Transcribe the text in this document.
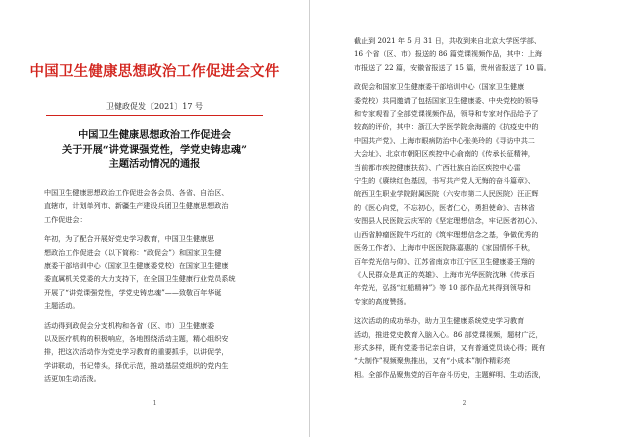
中国卫生健康思想政治工作促进会文件
卫健政促发〔2021〕17 号
中国卫生健康思想政治工作促进会
关于开展“讲党课强党性，学党史铸忠魂”
主题活动情况的通报
中国卫生健康思想政治工作促进会各会员、各省、自治区、
直辖市，计划单列市、新疆生产建设兵团卫生健康思想政治
工作促进会：
年初，为了配合开展好党史学习教育，中国卫生健康思
想政治工作促进会（以下简称：“政促会”）和国家卫生健
康委干部培训中心（国家卫生健康委党校）在国家卫生健康
委直属机关党委的大力支持下，在全国卫生健康行业党员系统
开展了“讲党课强党性，学党史铸忠魂”——致敬百年华诞
主题活动。
活动得到政促会分支机构和各省（区、市）卫生健康委
以及医疗机构的积极响应，各地围绕活动主题，精心组织安
排，把这次活动作为党史学习教育的重要抓手，以讲促学，
学讲联动，书记带头，择优示范，推动基层党组织的党内生
活更加生动活泼。
1
截止到 2021 年 5 月 31 日，共收到来自北京大学医学部、
16 个省（区、市）报送的 86 篇党课视频作品，其中：上海
市报送了 22 篇，安徽省报送了 15 篇，贵州省报送了 10 篇。
政促会和国家卫生健康委干部培训中心（国家卫生健康
委党校）共同邀请了包括国家卫生健康委、中央党校的领导
和专家观看了全部党课视频作品，领导和专家对作品给予了
较高的评价，其中：浙江大学医学院余海震的《抗疫史中的
中国共产党》、上海市眼病防治中心张美玲的《寻访中共二
大会址》、北京市朝阳区疾控中心俞南的《传承长征精神，
当前都市疾控健康扶贫》、广西壮族自治区疾控中心雷
宁生的《赓续红色基因，书写共产党人无悔的奋斗篇章》、
皖西卫生职业学院附属医院（六安市第二人民医院）汪正辉
的《医心向党，不忘初心，医者仁心，勇担使命》、吉林省
安图县人民医院云庆军的《坚定理想信念，牢记医者初心》、
山西省肿瘤医院牛巧红的《筑牢理想信念之基，争做优秀的
医务工作者》、上海市中医医院陈嘉惠的《家国情怀千秋，
百年党光信与仰》、江苏省南京市江宁区卫生健康委王翔的
《人民群众是真正的英雄》、上海市光华医院沈琳《传承百
年党光，弘扬“红船精神”》等 10 部作品尤其得到领导和
专家的高度赞扬。
这次活动的成功举办，助力卫生健康系统党史学习教育
活动，推进党史教育入脑入心。86 部党课视频，题材广泛，
形式多样，既有党委书记亲自讲，又有普通党员谈心得；既有
“大制作”视频聚焦推出，又有“小成本”制作精彩亮
相。全部作品聚焦党的百年奋斗历史，主题鲜明、生动活泼，
2
